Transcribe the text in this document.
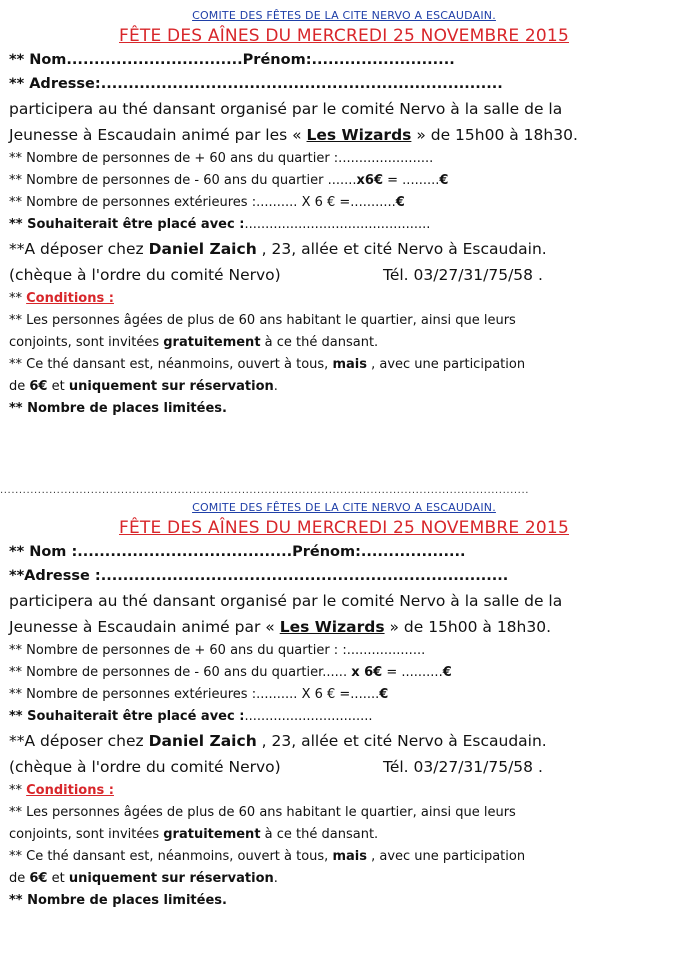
COMITE DES FÊTES DE LA CITE NERVO A ESCAUDAIN.
FÊTE DES AÎNES DU MERCREDI 25 NOVEMBRE 2015
** Nom................................Prénom:..........................
** Adresse:.........................................................................
participera au thé dansant organisé par le comité Nervo à la salle de la
Jeunesse à Escaudain animé par les « Les Wizards » de 15h00 à 18h30.
** Nombre de personnes de + 60 ans du quartier :.......................
** Nombre de personnes de - 60 ans du quartier .......x6€ = .........€
** Nombre de personnes extérieures :.......... X 6 € =...........€
** Souhaiterait être placé avec :.............................................
**A déposer chez Daniel Zaich , 23, allée et cité Nervo à Escaudain.
(chèque à l'ordre du comité Nervo)	Tél. 03/27/31/75/58 .
** Conditions :
** Les personnes âgées de plus de 60 ans habitant le quartier, ainsi que leurs
conjoints, sont invitées gratuitement à ce thé dansant.
** Ce thé dansant est, néanmoins, ouvert à tous, mais , avec une participation
de 6€ et uniquement sur réservation.
** Nombre de places limitées.
............................................................................................................................................
COMITE DES FÊTES DE LA CITE NERVO A ESCAUDAIN.
FÊTE DES AÎNES DU MERCREDI 25 NOVEMBRE 2015
** Nom :.......................................Prénom:...................
**Adresse :..........................................................................
participera au thé dansant organisé par le comité Nervo à la salle de la
Jeunesse à Escaudain animé par « Les Wizards » de 15h00 à 18h30.
** Nombre de personnes de + 60 ans du quartier : :...................
** Nombre de personnes de - 60 ans du quartier...... x 6€ = ..........€
** Nombre de personnes extérieures :.......... X 6 € =.......€
** Souhaiterait être placé avec :...............................
**A déposer chez Daniel Zaich , 23, allée et cité Nervo à Escaudain.
(chèque à l'ordre du comité Nervo)	Tél. 03/27/31/75/58 .
** Conditions :
** Les personnes âgées de plus de 60 ans habitant le quartier, ainsi que leurs
conjoints, sont invitées gratuitement à ce thé dansant.
** Ce thé dansant est, néanmoins, ouvert à tous, mais , avec une participation
de 6€ et uniquement sur réservation.
** Nombre de places limitées.
